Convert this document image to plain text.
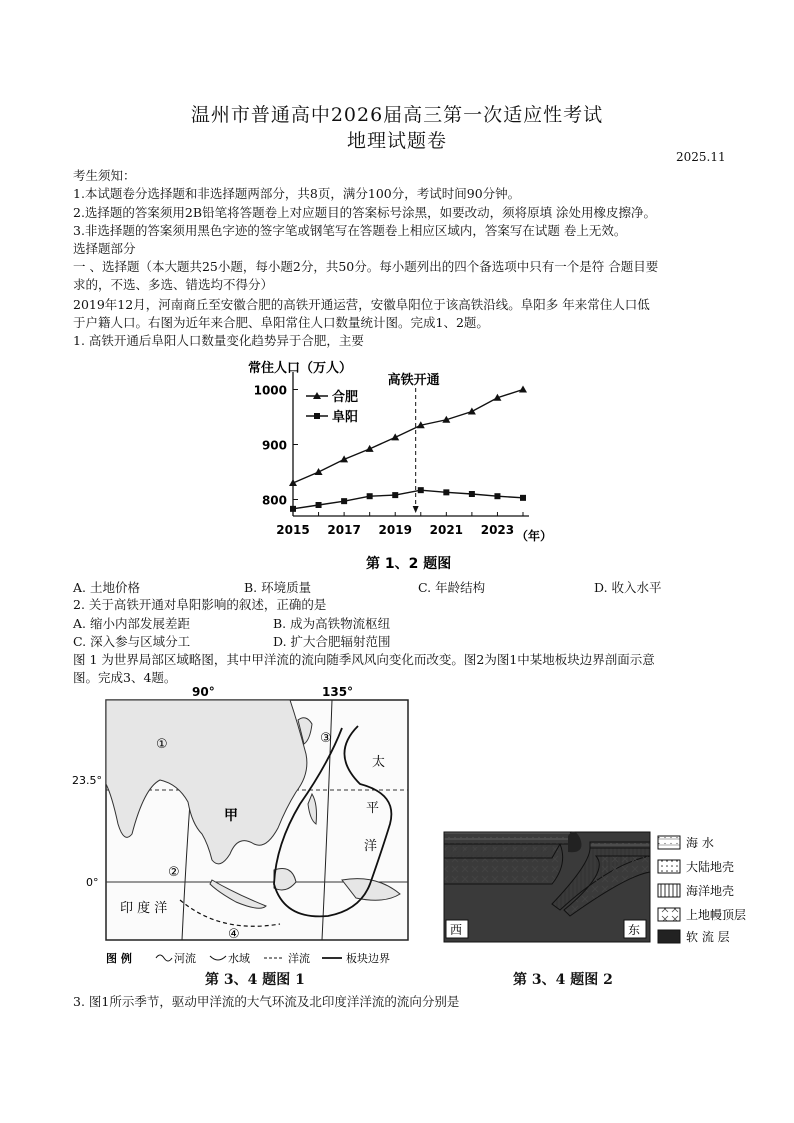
温州市普通高中2026届高三第一次适应性考试
地理试题卷
2025.11
考生须知：
1.本试题卷分选择题和非选择题两部分，共8页，满分100分，考试时间90分钟。
2.选择题的答案须用2B铅笔将答题卷上对应题目的答案标号涂黑，如要改动，须将原填 涂处用橡皮擦净。
3.非选择题的答案须用黑色字迹的签字笔或钢笔写在答题卷上相应区域内，答案写在试题 卷上无效。
选择题部分
一 、选择题（本大题共25小题，每小题2分，共50分。每小题列出的四个备选项中只有一个是符 合题目要
求的，不选、多选、错选均不得分）
2019年12月，河南商丘至安徽合肥的高铁开通运营，安徽阜阳位于该高铁沿线。阜阳多 年来常住人口低
于户籍人口。右图为近年来合肥、阜阳常住人口数量统计图。完成1、2题。
1. 高铁开通后阜阳人口数量变化趋势异于合肥，主要
常住人口（万人）
800
900
1000
2015 2017 2019 2021 2023 （年）
高铁开通
合肥
阜阳
第 1、2 题图
A. 土地价格	B. 环境质量	C. 年龄结构	D. 收入水平
2. 关于高铁开通对阜阳影响的叙述，正确的是
A. 缩小内部发展差距	B. 成为高铁物流枢纽
C. 深入参与区域分工	D. 扩大合肥辐射范围
图 1 为世界局部区域略图，其中甲洋流的流向随季风风向变化而改变。图2为图1中某地板块边界剖面示意
图。完成3、4题。
90°	135°
23.5°
0°
①
②
③
④
甲
太
平
洋
印 度 洋
图 例	河流	水域	洋流	板块边界
第 3、4 题图 1
西	东
海 水
大陆地壳
海洋地壳
上地幔顶层
软 流 层
第 3、4 题图 2
3. 图1所示季节，驱动甲洋流的大气环流及北印度洋洋流的流向分别是
